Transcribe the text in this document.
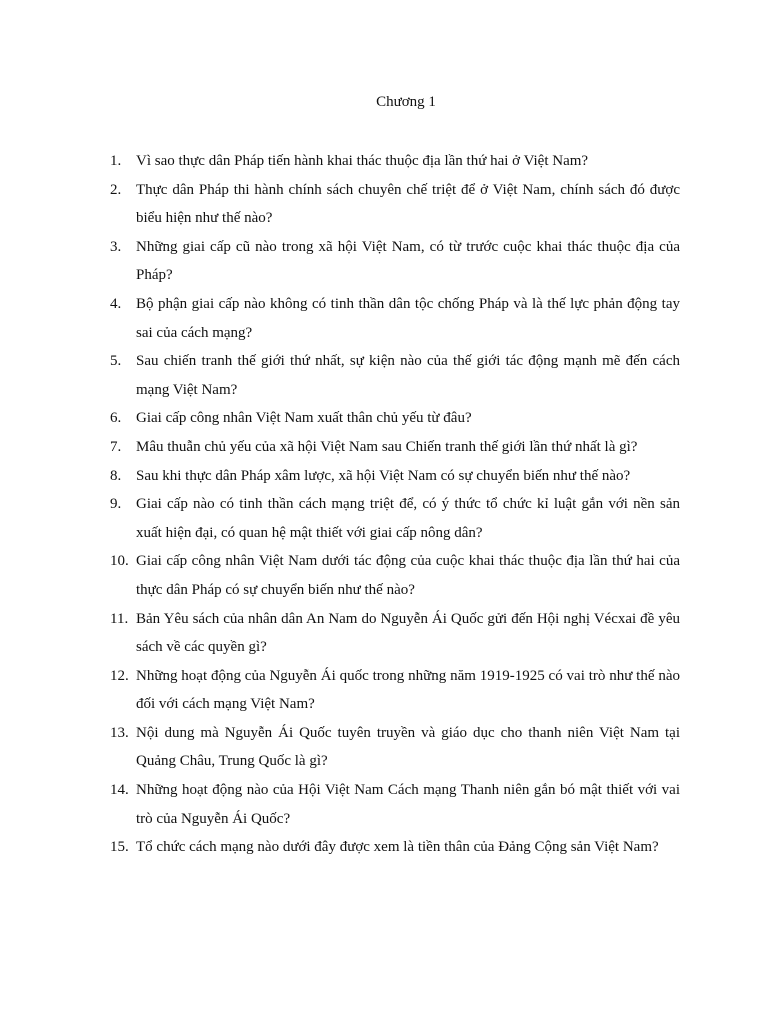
Chương 1
1. Vì sao thực dân Pháp tiến hành khai thác thuộc địa lần thứ hai ở Việt Nam?
2. Thực dân Pháp thi hành chính sách chuyên chế triệt để ở Việt Nam, chính sách đó được biểu hiện như thế nào?
3. Những giai cấp cũ nào trong xã hội Việt Nam, có từ trước cuộc khai thác thuộc địa của Pháp?
4. Bộ phận giai cấp nào không có tinh thần dân tộc chống Pháp và là thế lực phản động tay sai của cách mạng?
5. Sau chiến tranh thế giới thứ nhất, sự kiện nào của thế giới tác động mạnh mẽ đến cách mạng Việt Nam?
6. Giai cấp công nhân Việt Nam xuất thân chủ yếu từ đâu?
7. Mâu thuẫn chủ yếu của xã hội Việt Nam sau Chiến tranh thế giới lần thứ nhất là gì?
8. Sau khi thực dân Pháp xâm lược, xã hội Việt Nam có sự chuyển biến như thế nào?
9. Giai cấp nào có tinh thần cách mạng triệt để, có ý thức tổ chức kỉ luật gắn với nền sản xuất hiện đại, có quan hệ mật thiết với giai cấp nông dân?
10. Giai cấp công nhân Việt Nam dưới tác động của cuộc khai thác thuộc địa lần thứ hai của thực dân Pháp có sự chuyển biến như thế nào?
11. Bản Yêu sách của nhân dân An Nam do Nguyễn Ái Quốc gửi đến Hội nghị Vécxai đề yêu sách về các quyền gì?
12. Những hoạt động của Nguyễn Ái quốc trong những năm 1919-1925 có vai trò như thế nào đối với cách mạng Việt Nam?
13. Nội dung mà Nguyễn Ái Quốc tuyên truyền và giáo dục cho thanh niên Việt Nam tại Quảng Châu, Trung Quốc là gì?
14. Những hoạt động nào của Hội Việt Nam Cách mạng Thanh niên gắn bó mật thiết với vai trò của Nguyễn Ái Quốc?
15. Tổ chức cách mạng nào dưới đây được xem là tiền thân của Đảng Cộng sản Việt Nam?
